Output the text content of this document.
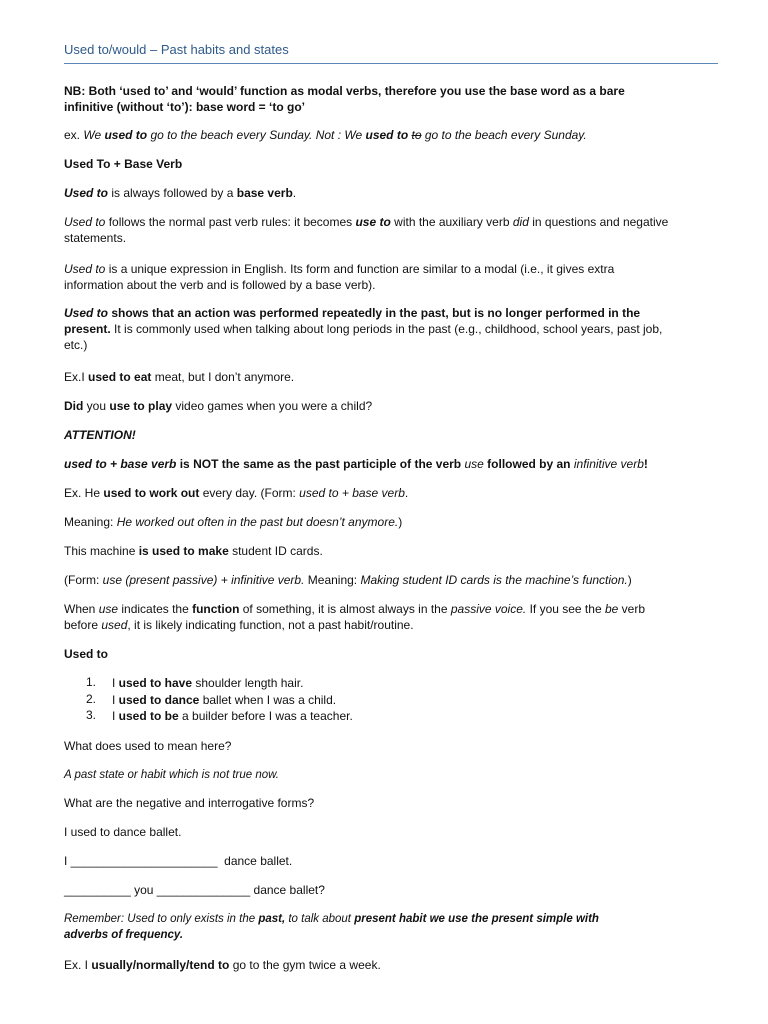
Used to/would – Past habits and states

NB: Both ‘used to’ and ‘would’ function as modal verbs, therefore you use the base word as a bare
infinitive (without ‘to’): base word = ‘to go’

ex. We used to go to the beach every Sunday. Not : We used to to go to the beach every Sunday.

Used To + Base Verb

Used to is always followed by a base verb.

Used to follows the normal past verb rules: it becomes use to with the auxiliary verb did in questions and negative
statements.

Used to is a unique expression in English. Its form and function are similar to a modal (i.e., it gives extra
information about the verb and is followed by a base verb).

Used to shows that an action was performed repeatedly in the past, but is no longer performed in the
present. It is commonly used when talking about long periods in the past (e.g., childhood, school years, past job,
etc.)

Ex.I used to eat meat, but I don’t anymore.

Did you use to play video games when you were a child?

ATTENTION!

used to + base verb is NOT the same as the past participle of the verb use followed by an infinitive verb!

Ex. He used to work out every day. (Form: used to + base verb.

Meaning: He worked out often in the past but doesn’t anymore.)

This machine is used to make student ID cards.

(Form: use (present passive) + infinitive verb. Meaning: Making student ID cards is the machine’s function.)

When use indicates the function of something, it is almost always in the passive voice. If you see the be verb
before used, it is likely indicating function, not a past habit/routine.

Used to

1.	I used to have shoulder length hair.
2.	I used to dance ballet when I was a child.
3.	I used to be a builder before I was a teacher.

What does used to mean here?

A past state or habit which is not true now.

What are the negative and interrogative forms?

I used to dance ballet.

I ______________________  dance ballet.

__________ you ______________ dance ballet?

Remember: Used to only exists in the past, to talk about present habit we use the present simple with
adverbs of frequency.

Ex. I usually/normally/tend to go to the gym twice a week.
